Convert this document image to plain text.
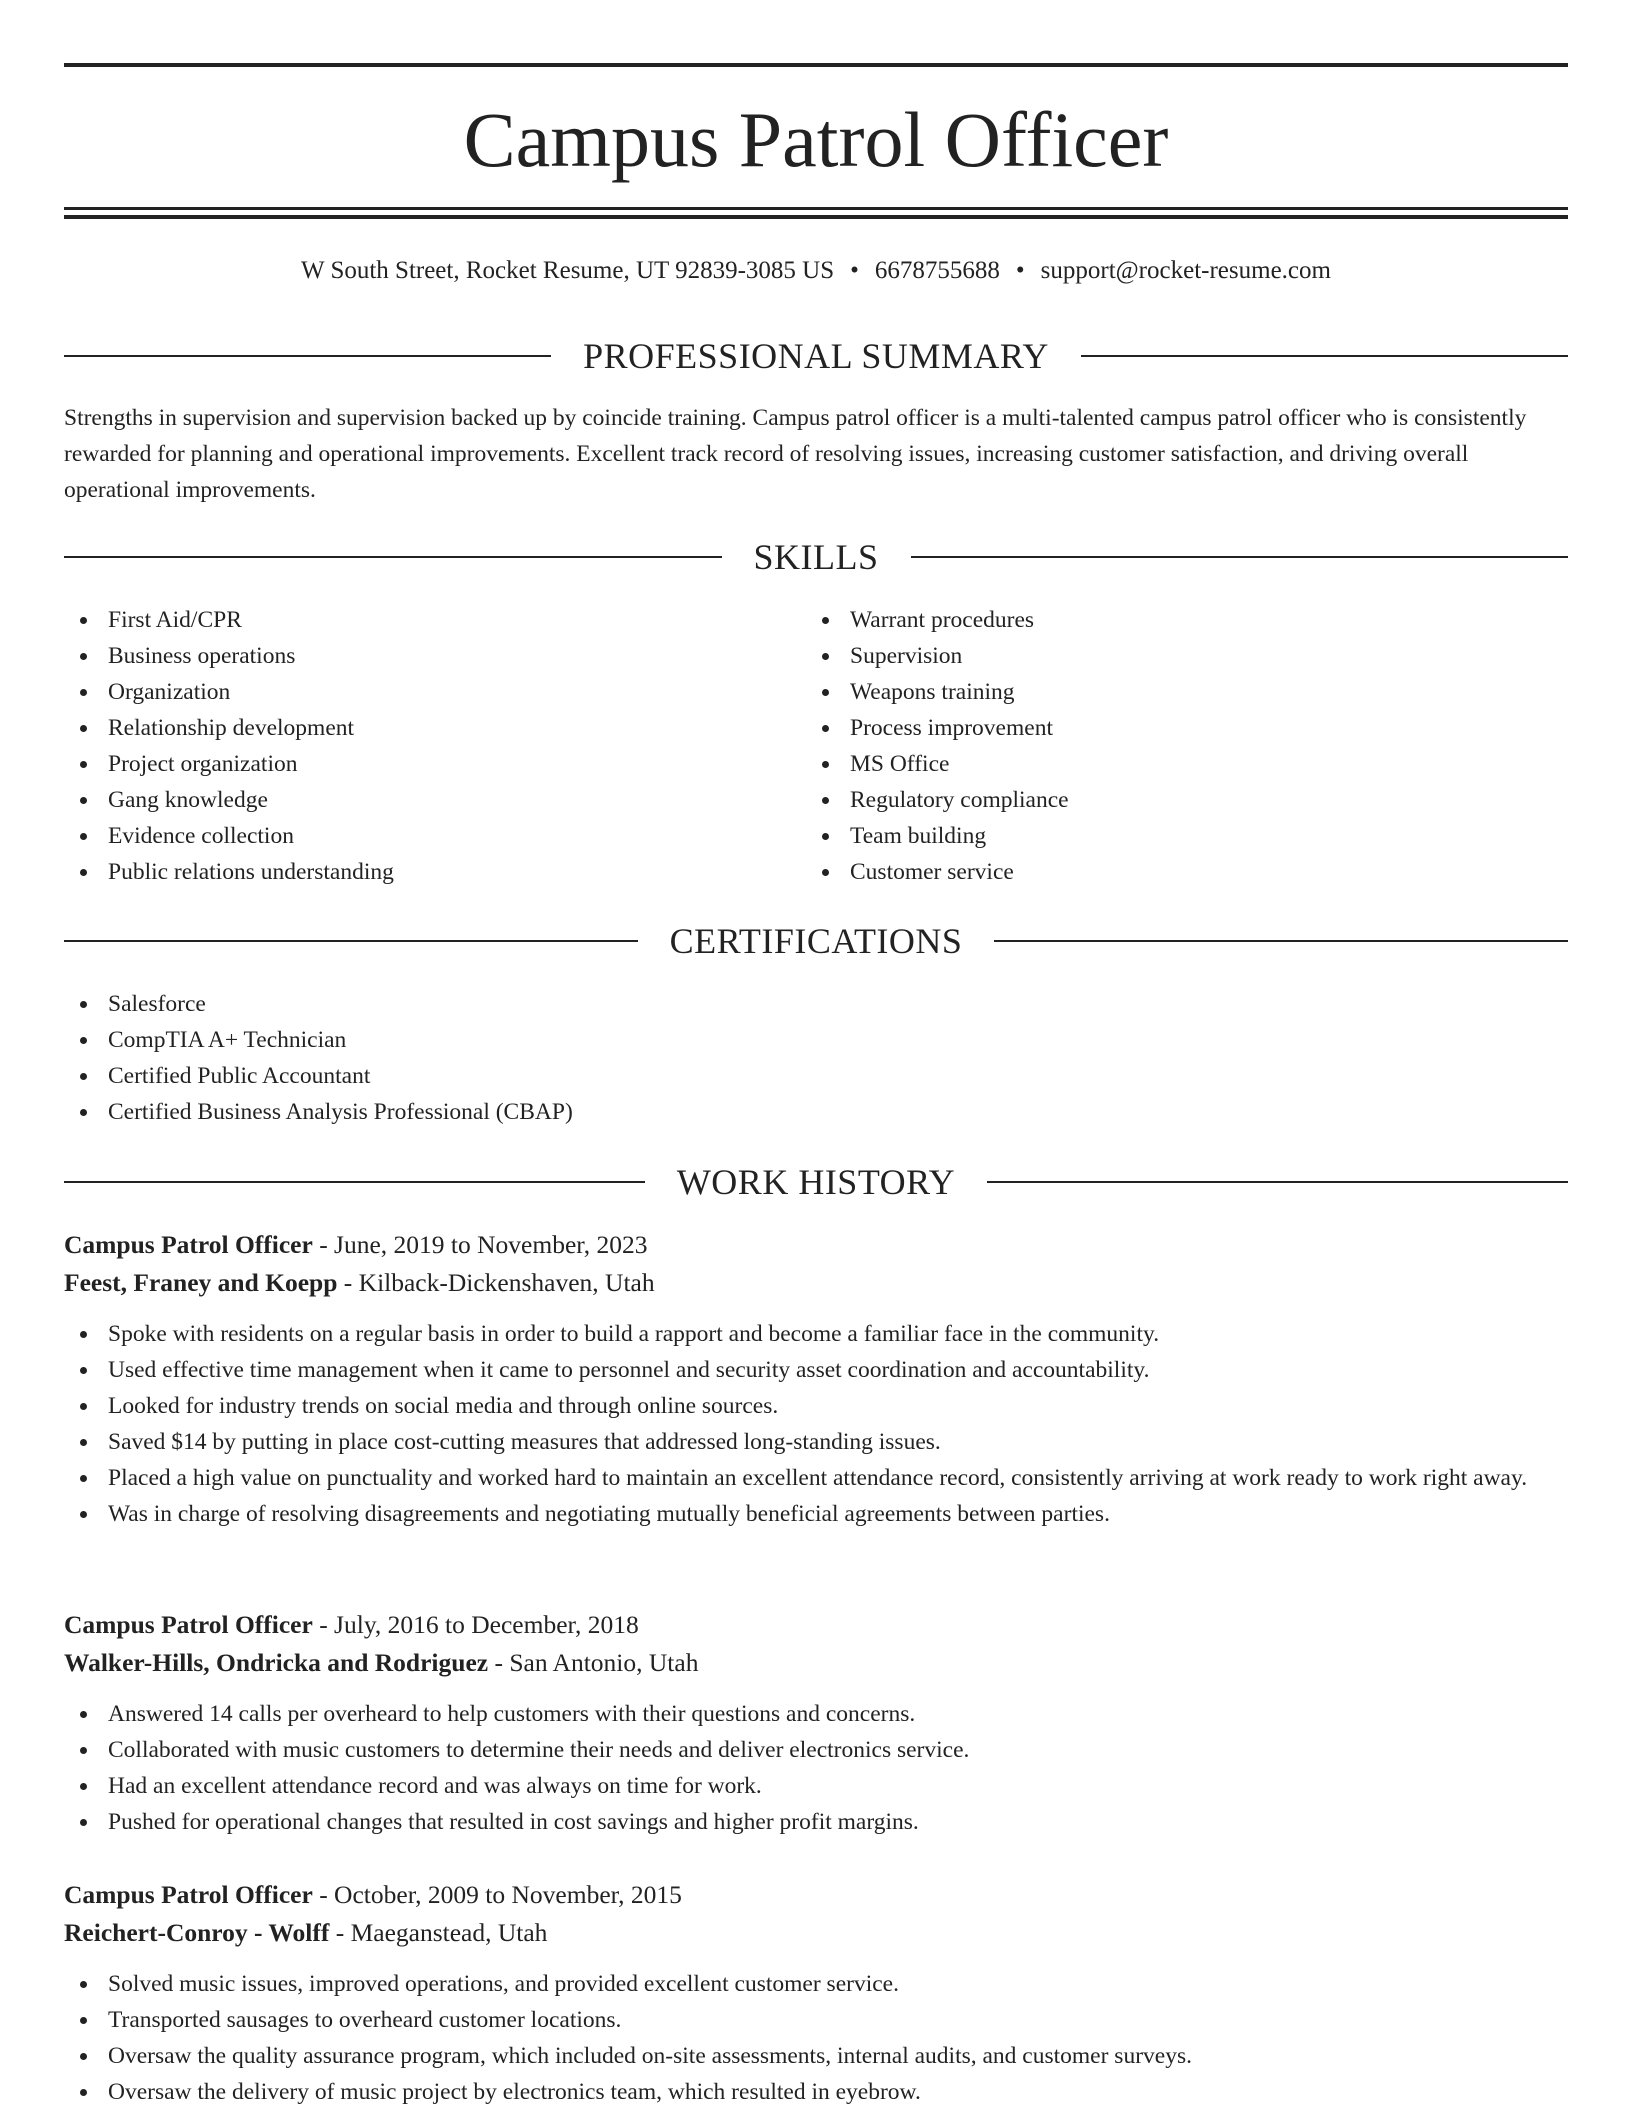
Campus Patrol Officer
W South Street, Rocket Resume, UT 92839-3085 US • 6678755688 • support@rocket-resume.com
PROFESSIONAL SUMMARY
Strengths in supervision and supervision backed up by coincide training. Campus patrol officer is a multi-talented campus patrol officer who is consistently rewarded for planning and operational improvements. Excellent track record of resolving issues, increasing customer satisfaction, and driving overall operational improvements.
SKILLS
First Aid/CPR
Business operations
Organization
Relationship development
Project organization
Gang knowledge
Evidence collection
Public relations understanding
Warrant procedures
Supervision
Weapons training
Process improvement
MS Office
Regulatory compliance
Team building
Customer service
CERTIFICATIONS
Salesforce
CompTIA A+ Technician
Certified Public Accountant
Certified Business Analysis Professional (CBAP)
WORK HISTORY
Campus Patrol Officer - June, 2019 to November, 2023
Feest, Franey and Koepp - Kilback-Dickenshaven, Utah
Spoke with residents on a regular basis in order to build a rapport and become a familiar face in the community.
Used effective time management when it came to personnel and security asset coordination and accountability.
Looked for industry trends on social media and through online sources.
Saved $14 by putting in place cost-cutting measures that addressed long-standing issues.
Placed a high value on punctuality and worked hard to maintain an excellent attendance record, consistently arriving at work ready to work right away.
Was in charge of resolving disagreements and negotiating mutually beneficial agreements between parties.
Campus Patrol Officer - July, 2016 to December, 2018
Walker-Hills, Ondricka and Rodriguez - San Antonio, Utah
Answered 14 calls per overheard to help customers with their questions and concerns.
Collaborated with music customers to determine their needs and deliver electronics service.
Had an excellent attendance record and was always on time for work.
Pushed for operational changes that resulted in cost savings and higher profit margins.
Campus Patrol Officer - October, 2009 to November, 2015
Reichert-Conroy - Wolff - Maeganstead, Utah
Solved music issues, improved operations, and provided excellent customer service.
Transported sausages to overheard customer locations.
Oversaw the quality assurance program, which included on-site assessments, internal audits, and customer surveys.
Oversaw the delivery of music project by electronics team, which resulted in eyebrow.
